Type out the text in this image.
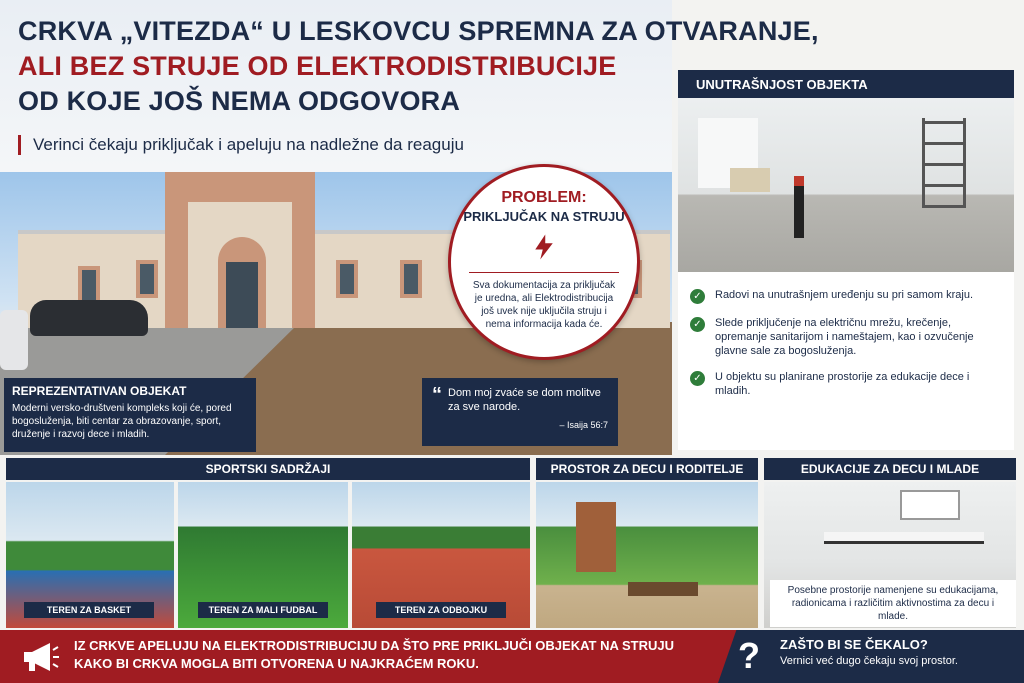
CRKVA „VITEZDA“ U LESKOVCU SPREMNA ZA OTVARANJE,
ALI BEZ STRUJE OD ELEKTRODISTRIBUCIJE
OD KOJE JOŠ NEMA ODGOVORA
Verinci čekaju priključak i apeluju na nadležne da reaguju
PROBLEM:
PRIKLJUČAK NA STRUJU
Sva dokumentacija za priključak je uredna, ali Elektrodistribucija još uvek nije uključila struju i nema informacija kada će.
REPREZENTATIVAN OBJEKAT

Moderni versko-društveni kompleks koji će, pored bogosluženja, biti centar za obrazovanje, sport, druženje i razvoj dece i mladih.

“ Dom moj zvaće se dom molitve za sve narode.
– Isaija 56:7
UNUTRAŠNJOST OBJEKTA
✓	Radovi na unutrašnjem uređenju su pri samom kraju.
✓	Slede priključenje na električnu mrežu, krečenje, opremanje sanitarijom i nameštajem, kao i ozvučenje glavne sale za bogosluženja.
✓	U objektu su planirane prostorije za edukacije dece i mladih.
SPORTSKI SADRŽAJI	PROSTOR ZA DECU I RODITELJE	EDUKACIJE ZA DECU I MLADE
TEREN ZA BASKET	TEREN ZA MALI FUDBAL	TEREN ZA ODBOJKU
Posebne prostorije namenjene su edukacijama, radionicama i različitim aktivnostima za decu i mlade.
IZ CRKVE APELUJU NA ELEKTRODISTRIBUCIJU DA ŠTO PRE PRIKLJUČI OBJEKAT NA STRUJU KAKO BI CRKVA MOGLA BITI OTVORENA U NAJKRAĆEM ROKU.	?	ZAŠTO BI SE ČEKALO?

Vernici već dugo čekaju svoj prostor.
